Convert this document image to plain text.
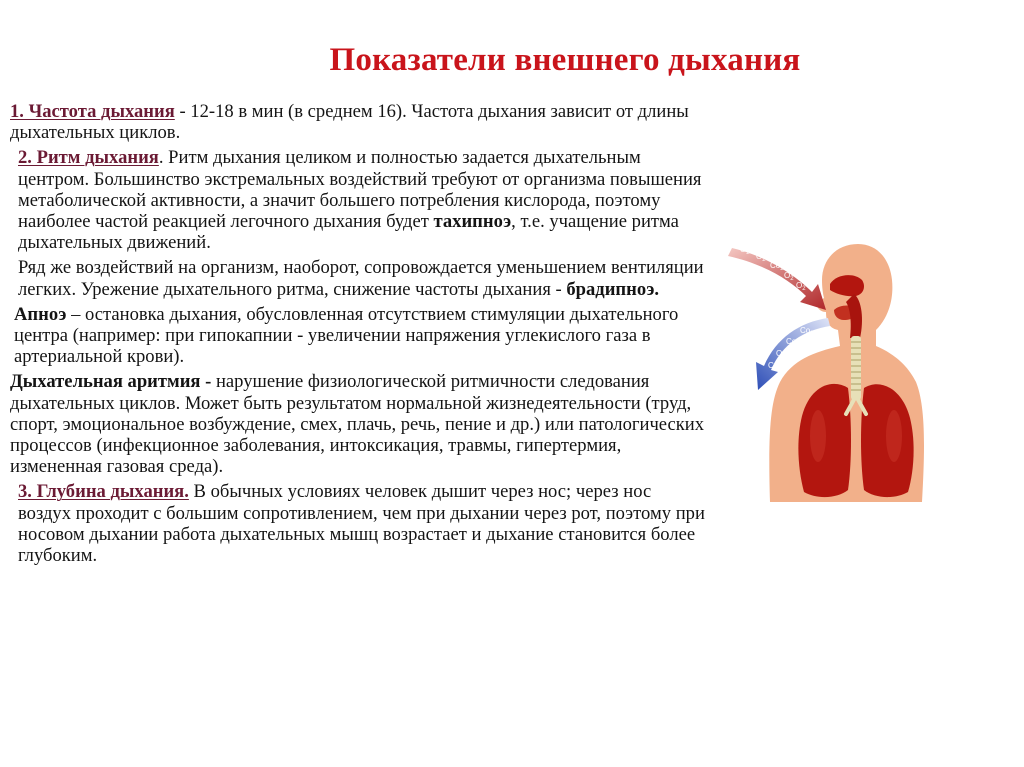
Показатели внешнего дыхания

1. Частота дыхания - 12-18 в мин (в среднем 16). Частота дыхания зависит от длины дыхательных циклов.

2. Ритм дыхания. Ритм дыхания целиком и полностью задается дыхательным центром. Большинство экстремальных воздействий требуют от организма повышения метаболической активности, а значит большего потребления кислорода, поэтому наиболее частой реакцией легочного дыхания будет тахипноэ, т.е. учащение ритма дыхательных движений.

Ряд же воздействий на организм, наоборот, сопровождается уменьшением вентиляции легких. Урежение дыхательного ритма, снижение частоты дыхания - брадипноэ.

Апноэ – остановка дыхания, обусловленная отсутствием стимуляции дыхательного центра (например: при гипокапнии - увеличении напряжения углекислого газа в артериальной крови).

Дыхательная аритмия - нарушение физиологической ритмичности следования дыхательных циклов. Может быть результатом нормальной жизнедеятельности (труд, спорт, эмоциональное возбуждение, смех, плачь, речь, пение и др.) или патологических процессов (инфекционное заболевания, интоксикация, травмы, гипертермия, измененная газовая среда).

3. Глубина дыхания. В обычных условиях человек дышит через нос; через нос воздух проходит с большим сопротивлением, чем при дыхании через рот, поэтому при носовом дыхании работа дыхательных мышц возрастает и дыхание становится более глубоким.

$O_2$ $O_2$
$Co_2$
$O_2$
$O_2$
$Co_2$
$Co_2$
$O_2$
$Co_2$
